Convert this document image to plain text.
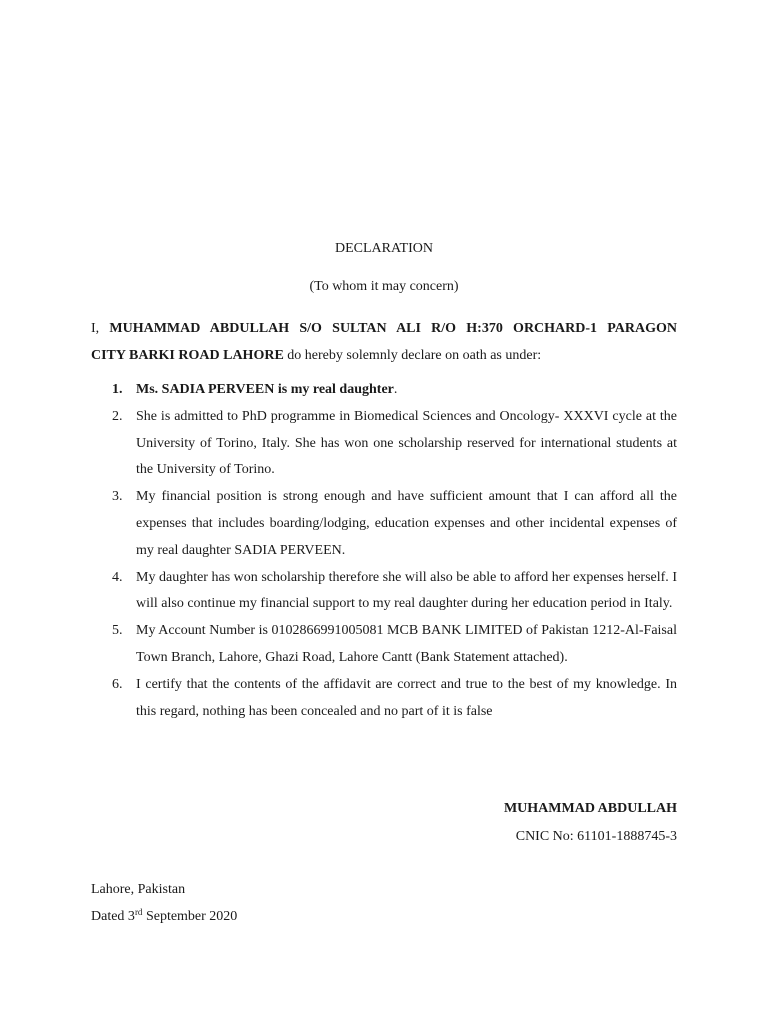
DECLARATION
(To whom it may concern)
I, MUHAMMAD ABDULLAH S/O SULTAN ALI R/O H:370 ORCHARD-1 PARAGON
CITY BARKI ROAD LAHORE do hereby solemnly declare on oath as under:
1. Ms. SADIA PERVEEN is my real daughter.
2. She is admitted to PhD programme in Biomedical Sciences and Oncology- XXXVI cycle at the University of Torino, Italy. She has won one scholarship reserved for international students at the University of Torino.
3. My financial position is strong enough and have sufficient amount that I can afford all the expenses that includes boarding/lodging, education expenses and other incidental expenses of my real daughter SADIA PERVEEN.
4. My daughter has won scholarship therefore she will also be able to afford her expenses herself. I will also continue my financial support to my real daughter during her education period in Italy.
5. My Account Number is 0102866991005081 MCB BANK LIMITED of Pakistan 1212-Al-Faisal Town Branch, Lahore, Ghazi Road, Lahore Cantt (Bank Statement attached).
6. I certify that the contents of the affidavit are correct and true to the best of my knowledge. In this regard, nothing has been concealed and no part of it is false
MUHAMMAD ABDULLAH
CNIC No: 61101-1888745-3
Lahore, Pakistan
Dated 3rd September 2020
